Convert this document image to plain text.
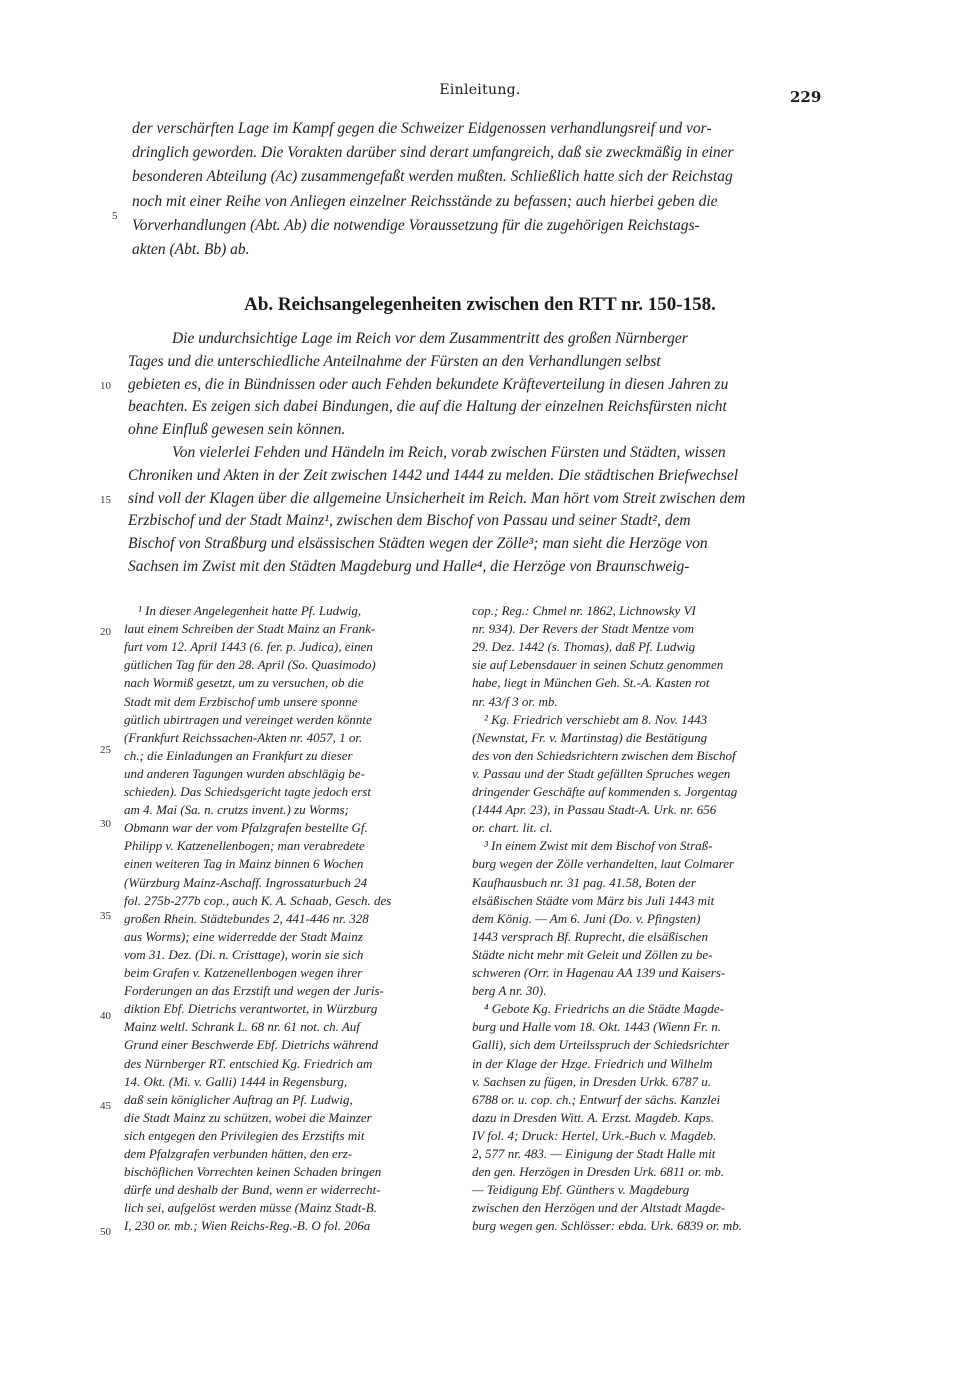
Einleitung.	229
der verschärften Lage im Kampf gegen die Schweizer Eidgenossen verhandlungsreif und vor-
dringlich geworden. Die Vorakten darüber sind derart umfangreich, daß sie zweckmäßig in einer
besonderen Abteilung (Ac) zusammengefaßt werden mußten. Schließlich hatte sich der Reichstag
noch mit einer Reihe von Anliegen einzelner Reichsstände zu befassen; auch hierbei geben die
Vorverhandlungen (Abt. Ab) die notwendige Voraussetzung für die zugehörigen Reichstags-
akten (Abt. Bb) ab.
Ab. Reichsangelegenheiten zwischen den RTT nr. 150-158.
Die undurchsichtige Lage im Reich vor dem Zusammentritt des großen Nürnberger
Tages und die unterschiedliche Anteilnahme der Fürsten an den Verhandlungen selbst
gebieten es, die in Bündnissen oder auch Fehden bekundete Kräfteverteilung in diesen Jahren zu
beachten. Es zeigen sich dabei Bindungen, die auf die Haltung der einzelnen Reichsfürsten nicht
ohne Einfluß gewesen sein können.
Von vielerlei Fehden und Händeln im Reich, vorab zwischen Fürsten und Städten, wissen
Chroniken und Akten in der Zeit zwischen 1442 und 1444 zu melden. Die städtischen Briefwechsel
sind voll der Klagen über die allgemeine Unsicherheit im Reich. Man hört vom Streit zwischen dem
Erzbischof und der Stadt Mainz¹, zwischen dem Bischof von Passau und seiner Stadt², dem
Bischof von Straßburg und elsässischen Städten wegen der Zölle³; man sieht die Herzöge von
Sachsen im Zwist mit den Städten Magdeburg und Halle⁴, die Herzöge von Braunschweig-
¹ In dieser Angelegenheit hatte Pf. Ludwig,
laut einem Schreiben der Stadt Mainz an Frank-
furt vom 12. April 1443 (6. fer. p. Judica), einen
gütlichen Tag für den 28. April (So. Quasimodo)
nach Wormiß gesetzt, um zu versuchen, ob die
Stadt mit dem Erzbischof umb unsere sponne
gütlich ubirtragen und vereinget werden könnte
(Frankfurt Reichssachen-Akten nr. 4057, 1 or.
ch.; die Einladungen an Frankfurt zu dieser
und anderen Tagungen wurden abschlägig be-
schieden). Das Schiedsgericht tagte jedoch erst
am 4. Mai (Sa. n. crutzs invent.) zu Worms;
Obmann war der vom Pfalzgrafen bestellte Gf.
Philipp v. Katzenellenbogen; man verabredete
einen weiteren Tag in Mainz binnen 6 Wochen
(Würzburg Mainz-Aschaff. Ingrossaturbuch 24
fol. 275b-277b cop., auch K. A. Schaab, Gesch. des
großen Rhein. Städtebundes 2, 441-446 nr. 328
aus Worms); eine widerredde der Stadt Mainz
vom 31. Dez. (Di. n. Cristtage), worin sie sich
beim Grafen v. Katzenellenbogen wegen ihrer
Forderungen an das Erzstift und wegen der Juris-
diktion Ebf. Dietrichs verantwortet, in Würzburg
Mainz weltl. Schrank L. 68 nr. 61 not. ch. Auf
Grund einer Beschwerde Ebf. Dietrichs während
des Nürnberger RT. entschied Kg. Friedrich am
14. Okt. (Mi. v. Galli) 1444 in Regensburg,
daß sein königlicher Auftrag an Pf. Ludwig,
die Stadt Mainz zu schützen, wobei die Mainzer
sich entgegen den Privilegien des Erzstifts mit
dem Pfalzgrafen verbunden hätten, den erz-
bischöflichen Vorrechten keinen Schaden bringen
dürfe und deshalb der Bund, wenn er widerrecht-
lich sei, aufgelöst werden müsse (Mainz Stadt-B.
I, 230 or. mb.; Wien Reichs-Reg.-B. O fol. 206a
cop.; Reg.: Chmel nr. 1862, Lichnowsky VI
nr. 934). Der Revers der Stadt Mentze vom
29. Dez. 1442 (s. Thomas), daß Pf. Ludwig
sie auf Lebensdauer in seinen Schutz genommen
habe, liegt in München Geh. St.-A. Kasten rot
nr. 43/f 3 or. mb.
² Kg. Friedrich verschiebt am 8. Nov. 1443
(Newnstat, Fr. v. Martinstag) die Bestätigung
des von den Schiedsrichtern zwischen dem Bischof
v. Passau und der Stadt gefällten Spruches wegen
dringender Geschäfte auf kommenden s. Jorgentag
(1444 Apr. 23), in Passau Stadt-A. Urk. nr. 656
or. chart. lit. cl.
³ In einem Zwist mit dem Bischof von Straß-
burg wegen der Zölle verhandelten, laut Colmarer
Kaufhausbuch nr. 31 pag. 41.58, Boten der
elsäßischen Städte vom März bis Juli 1443 mit
dem König. — Am 6. Juni (Do. v. Pfingsten)
1443 versprach Bf. Ruprecht, die elsäßischen
Städte nicht mehr mit Geleit und Zöllen zu be-
schweren (Orr. in Hagenau AA 139 und Kaisers-
berg A nr. 30).
⁴ Gebote Kg. Friedrichs an die Städte Magde-
burg und Halle vom 18. Okt. 1443 (Wienn Fr. n.
Galli), sich dem Urteilsspruch der Schiedsrichter
in der Klage der Hzge. Friedrich und Wilhelm
v. Sachsen zu fügen, in Dresden Urkk. 6787 u.
6788 or. u. cop. ch.; Entwurf der sächs. Kanzlei
dazu in Dresden Witt. A. Erzst. Magdeb. Kaps.
IV fol. 4; Druck: Hertel, Urk.-Buch v. Magdeb.
2, 577 nr. 483. — Einigung der Stadt Halle mit
den gen. Herzögen in Dresden Urk. 6811 or. mb.
— Teidigung Ebf. Günthers v. Magdeburg
zwischen den Herzögen und der Altstadt Magde-
burg wegen gen. Schlösser: ebda. Urk. 6839 or. mb.
5
10
15
20
25
30
35
40
45
50
